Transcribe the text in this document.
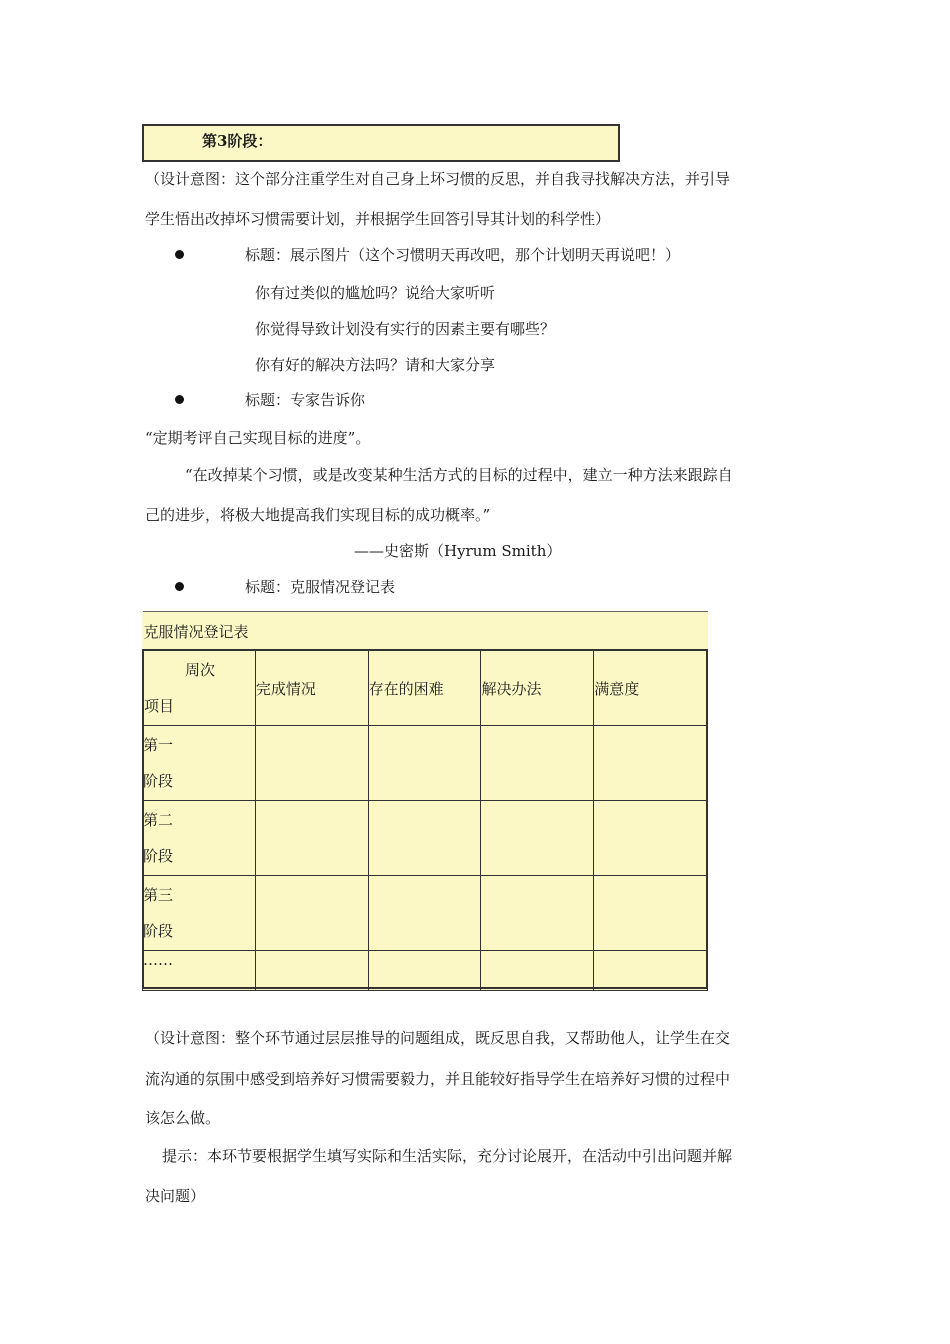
第3阶段：
（设计意图：这个部分注重学生对自己身上坏习惯的反思，并自我寻找解决方法，并引导
学生悟出改掉坏习惯需要计划，并根据学生回答引导其计划的科学性）
标题：展示图片（这个习惯明天再改吧，那个计划明天再说吧！）
你有过类似的尴尬吗？说给大家听听
你觉得导致计划没有实行的因素主要有哪些？
你有好的解决方法吗？请和大家分享
标题：专家告诉你
“定期考评自己实现目标的进度”。
“在改掉某个习惯，或是改变某种生活方式的目标的过程中，建立一种方法来跟踪自
己的进步，将极大地提高我们实现目标的成功概率。”
——史密斯（Hyrum Smith）
标题：克服情况登记表
克服情况登记表				

周次
项目	完成情况	存在的困难	解决办法	满意度

第一
阶段				

第二
阶段				

第三
阶段				

……				
（设计意图：整个环节通过层层推导的问题组成，既反思自我，又帮助他人，让学生在交
流沟通的氛围中感受到培养好习惯需要毅力，并且能较好指导学生在培养好习惯的过程中
该怎么做。
提示：本环节要根据学生填写实际和生活实际，充分讨论展开，在活动中引出问题并解
决问题）
